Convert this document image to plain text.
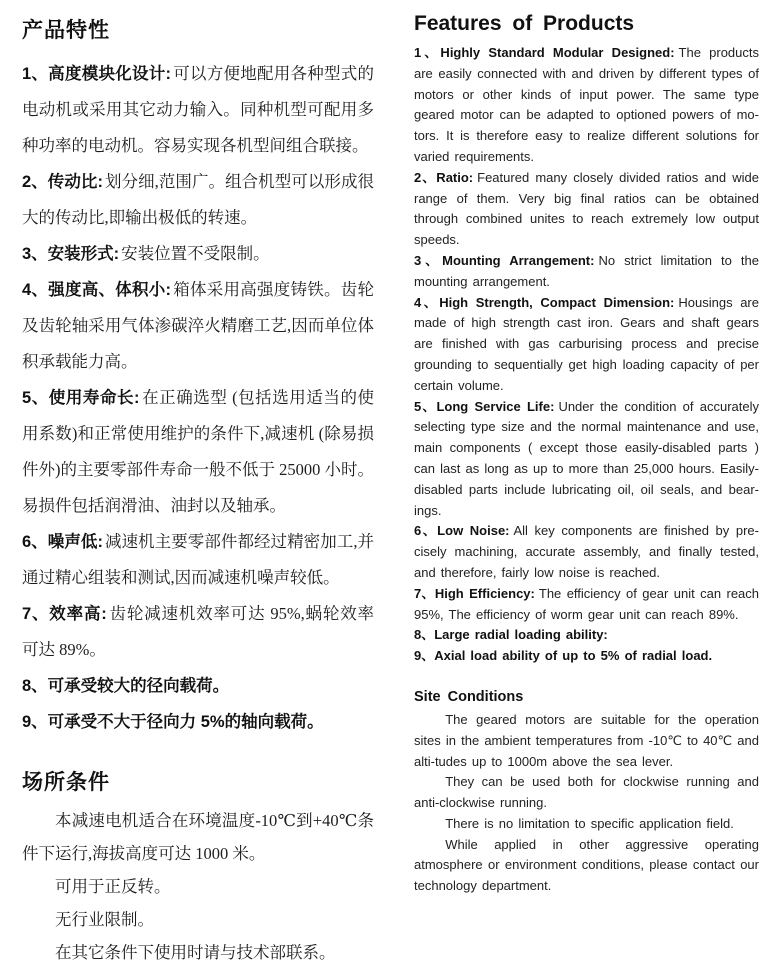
产品特性

1、高度模块化设计: 可以方便地配用各种型式的电动机或采用其它动力输入。同种机型可配用多种功率的电动机。容易实现各机型间组合联接。

2、传动比: 划分细,范围广。组合机型可以形成很大的传动比,即输出极低的转速。

3、安装形式: 安装位置不受限制。

4、强度高、体积小: 箱体采用高强度铸铁。齿轮及齿轮轴采用气体渗碳淬火精磨工艺,因而单位体积承载能力高。

5、使用寿命长: 在正确选型 (包括选用适当的使用系数)和正常使用维护的条件下,减速机 (除易损件外)的主要零部件寿命一般不低于 25000 小时。易损件包括润滑油、油封以及轴承。

6、噪声低: 减速机主要零部件都经过精密加工,并通过精心组装和测试,因而减速机噪声较低。

7、效率高: 齿轮减速机效率可达 95%,蜗轮效率可达 89%。

8、可承受较大的径向载荷。

9、可承受不大于径向力 5%的轴向载荷。

场所条件

本减速电机适合在环境温度-10℃到+40℃条件下运行,海拔高度可达 1000 米。

可用于正反转。

无行业限制。

在其它条件下使用时请与技术部联系。

Features of Products

1、Highly Standard Modular Designed: The products are easily connected with and driven by different types of motors or other kinds of input power. The same type geared motor can be adapted to optioned powers of mo-tors. It is therefore easy to realize different solutions for varied requirements.

2、Ratio: Featured many closely divided ratios and wide range of them. Very big final ratios can be obtained through combined unites to reach extremely low output speeds.

3、Mounting Arrangement: No strict limitation to the mounting arrangement.

4、High Strength, Compact Dimension: Housings are made of high strength cast iron. Gears and shaft gears are finished with gas carburising process and precise grounding to sequentially get high loading capacity of per certain volume.

5、Long Service Life: Under the condition of accurately selecting type size and the normal maintenance and use, main components ( except those easily-disabled parts ) can last as long as up to more than 25,000 hours. Easily-disabled parts include lubricating oil, oil seals, and bear-ings.

6、Low Noise: All key components are finished by pre-cisely machining, accurate assembly, and finally tested, and therefore, fairly low noise is reached.

7、High Efficiency: The efficiency of gear unit can reach 95%, The efficiency of worm gear unit can reach 89%.

8、Large radial loading ability:

9、Axial load ability of up to 5% of radial load.

Site Conditions

The geared motors are suitable for the operation sites in the ambient temperatures from -10℃ to 40℃ and alti-tudes up to 1000m above the sea lever.

They can be used both for clockwise running and anti-clockwise running.

There is no limitation to specific application field.

While applied in other aggressive operating atmosphere or environment conditions, please contact our technology department.
